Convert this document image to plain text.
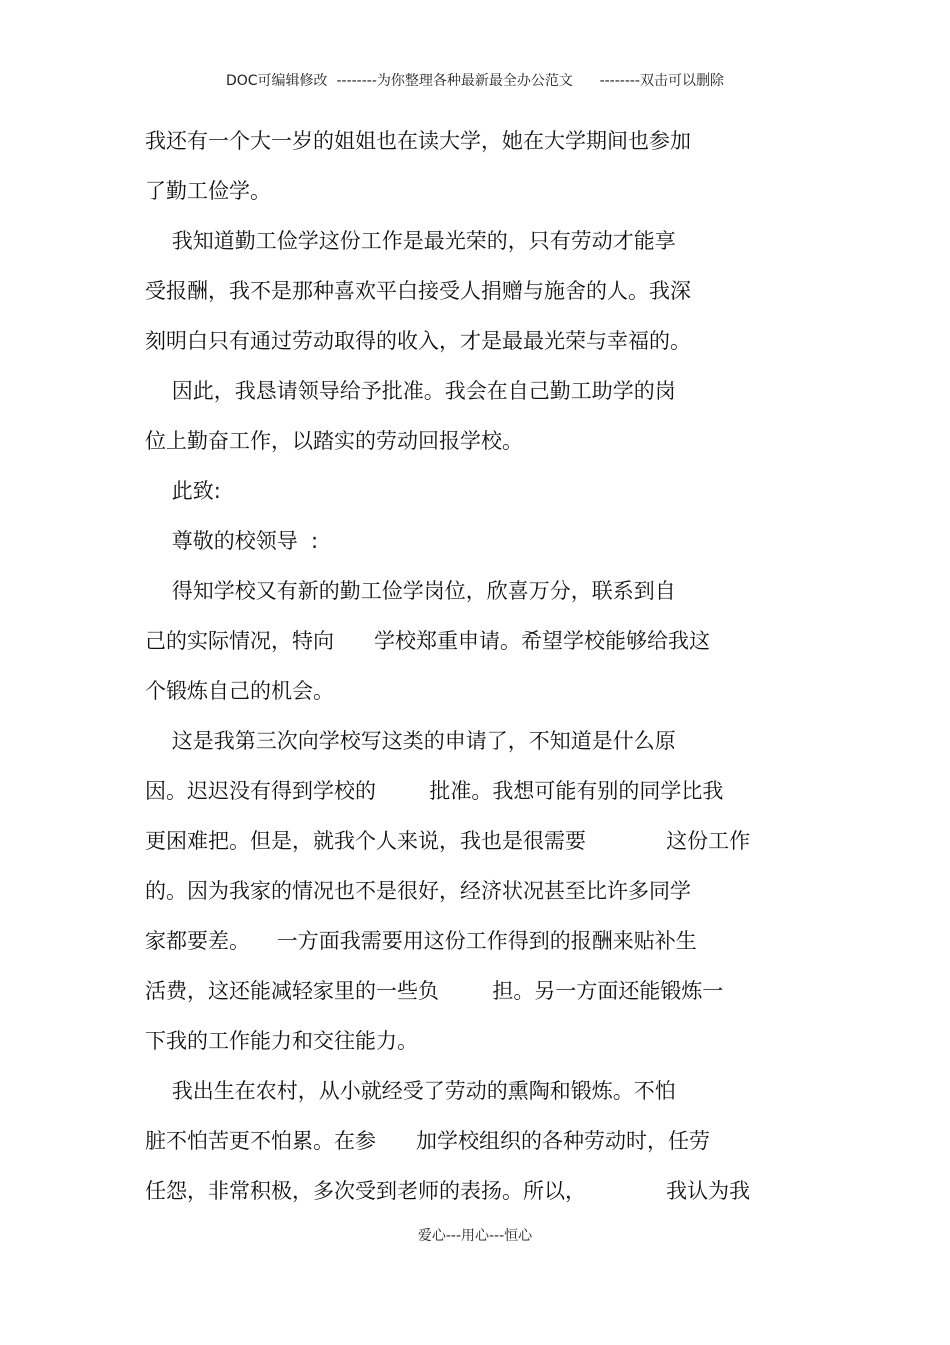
DOC可编辑修改  --------为你整理各种最新最全办公范文      --------双击可以删除
我还有一个大一岁的姐姐也在读大学，她在大学期间也参加
了勤工俭学。
我知道勤工俭学这份工作是最光荣的，只有劳动才能享
受报酬，我不是那种喜欢平白接受人捐赠与施舍的人。我深
刻明白只有通过劳动取得的收入，才是最最光荣与幸福的。
因此，我恳请领导给予批准。我会在自己勤工助学的岗
位上勤奋工作，以踏实的劳动回报学校。
此致:
尊敬的校领导  :
得知学校又有新的勤工俭学岗位，欣喜万分，联系到自
己的实际情况，特向      学校郑重申请。希望学校能够给我这
个锻炼自己的机会。
这是我第三次向学校写这类的申请了，不知道是什么原
因。迟迟没有得到学校的        批准。我想可能有别的同学比我
更困难把。但是，就我个人来说，我也是很需要            这份工作
的。因为我家的情况也不是很好，经济状况甚至比许多同学
家都要差。    一方面我需要用这份工作得到的报酬来贴补生
活费，这还能减轻家里的一些负        担。另一方面还能锻炼一
下我的工作能力和交往能力。
我出生在农村，从小就经受了劳动的熏陶和锻炼。不怕
脏不怕苦更不怕累。在参      加学校组织的各种劳动时，任劳
任怨，非常积极，多次受到老师的表扬。所以，            我认为我
爱心---用心---恒心
